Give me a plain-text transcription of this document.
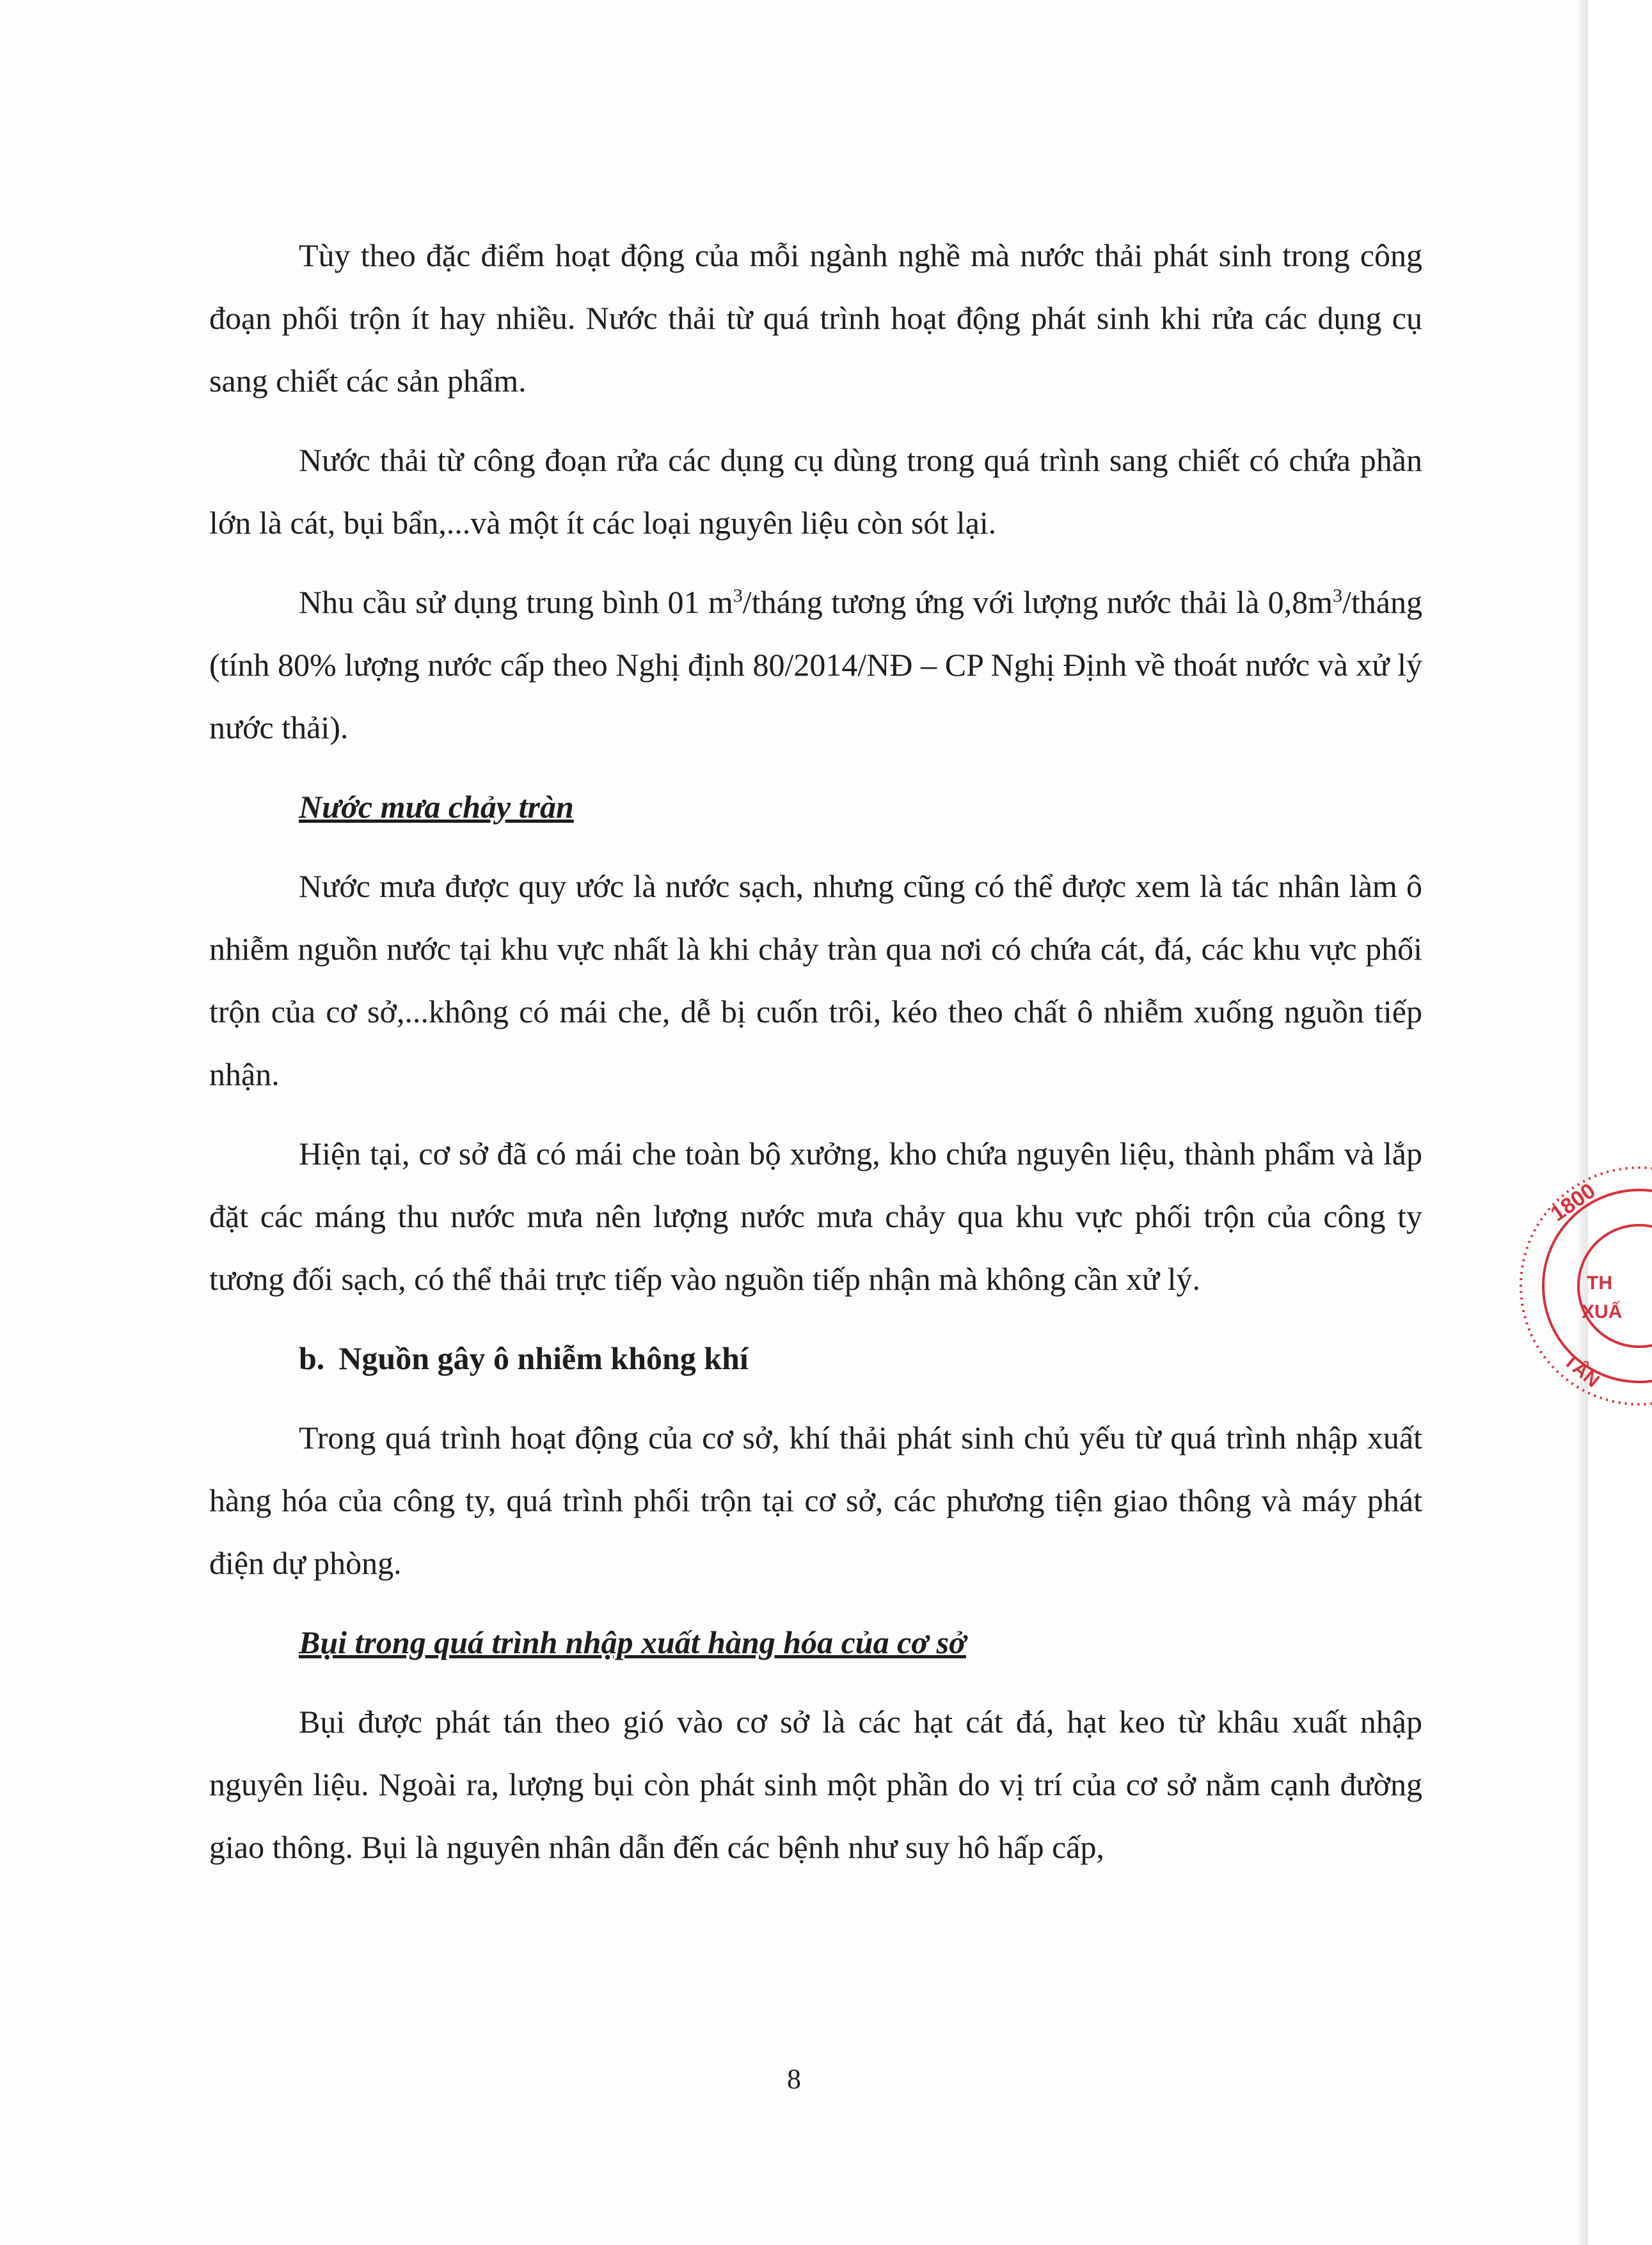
Tùy theo đặc điểm hoạt động của mỗi ngành nghề mà nước thải phát sinh trong công đoạn phối trộn ít hay nhiều. Nước thải từ quá trình hoạt động phát sinh khi rửa các dụng cụ sang chiết các sản phẩm.

Nước thải từ công đoạn rửa các dụng cụ dùng trong quá trình sang chiết có chứa phần lớn là cát, bụi bẩn,...và một ít các loại nguyên liệu còn sót lại.

Nhu cầu sử dụng trung bình 01 $m^3$/tháng tương ứng với lượng nước thải là $0,8m^3$/tháng (tính 80% lượng nước cấp theo Nghị định 80/2014/NĐ – CP Nghị Định về thoát nước và xử lý nước thải).

Nước mưa chảy tràn

Nước mưa được quy ước là nước sạch, nhưng cũng có thể được xem là tác nhân làm ô nhiễm nguồn nước tại khu vực nhất là khi chảy tràn qua nơi có chứa cát, đá, các khu vực phối trộn của cơ sở,...không có mái che, dễ bị cuốn trôi, kéo theo chất ô nhiễm xuống nguồn tiếp nhận.

Hiện tại, cơ sở đã có mái che toàn bộ xưởng, kho chứa nguyên liệu, thành phẩm và lắp đặt các máng thu nước mưa nên lượng nước mưa chảy qua khu vực phối trộn của công ty tương đối sạch, có thể thải trực tiếp vào nguồn tiếp nhận mà không cần xử lý.

b. Nguồn gây ô nhiễm không khí

Trong quá trình hoạt động của cơ sở, khí thải phát sinh chủ yếu từ quá trình nhập xuất hàng hóa của công ty, quá trình phối trộn tại cơ sở, các phương tiện giao thông và máy phát điện dự phòng.

Bụi trong quá trình nhập xuất hàng hóa của cơ sở

Bụi được phát tán theo gió vào cơ sở là các hạt cát đá, hạt keo từ khâu xuất nhập nguyên liệu. Ngoài ra, lượng bụi còn phát sinh một phần do vị trí của cơ sở nằm cạnh đường giao thông. Bụi là nguyên nhân dẫn đến các bệnh như suy hô hấp cấp,

8
1800
TH
XUẤ
TÂN
